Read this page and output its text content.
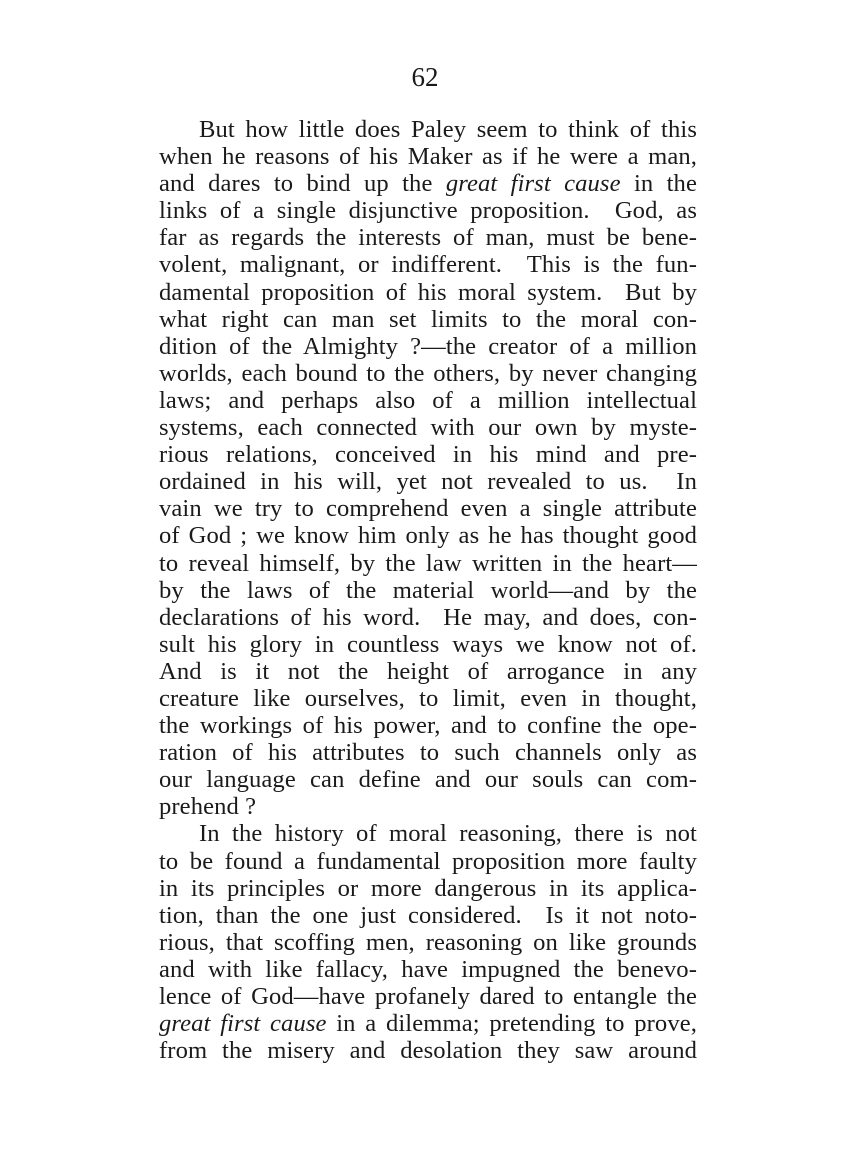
62
But how little does Paley seem to think of this
when he reasons of his Maker as if he were a man,
and dares to bind up the great first cause in the
links of a single disjunctive proposition.  God, as
far as regards the interests of man, must be bene-
volent, malignant, or indifferent.  This is the fun-
damental proposition of his moral system.  But by
what right can man set limits to the moral con-
dition of the Almighty ?—the creator of a million
worlds, each bound to the others, by never changing
laws; and perhaps also of a million intellectual
systems, each connected with our own by myste-
rious relations, conceived in his mind and pre-
ordained in his will, yet not revealed to us.  In
vain we try to comprehend even a single attribute
of God ; we know him only as he has thought good
to reveal himself, by the law written in the heart—
by the laws of the material world—and by the
declarations of his word.  He may, and does, con-
sult his glory in countless ways we know not of.
And is it not the height of arrogance in any
creature like ourselves, to limit, even in thought,
the workings of his power, and to confine the ope-
ration of his attributes to such channels only as
our language can define and our souls can com-
prehend ?
In the history of moral reasoning, there is not
to be found a fundamental proposition more faulty
in its principles or more dangerous in its applica-
tion, than the one just considered.  Is it not noto-
rious, that scoffing men, reasoning on like grounds
and with like fallacy, have impugned the benevo-
lence of God—have profanely dared to entangle the
great first cause in a dilemma; pretending to prove,
from the misery and desolation they saw around
